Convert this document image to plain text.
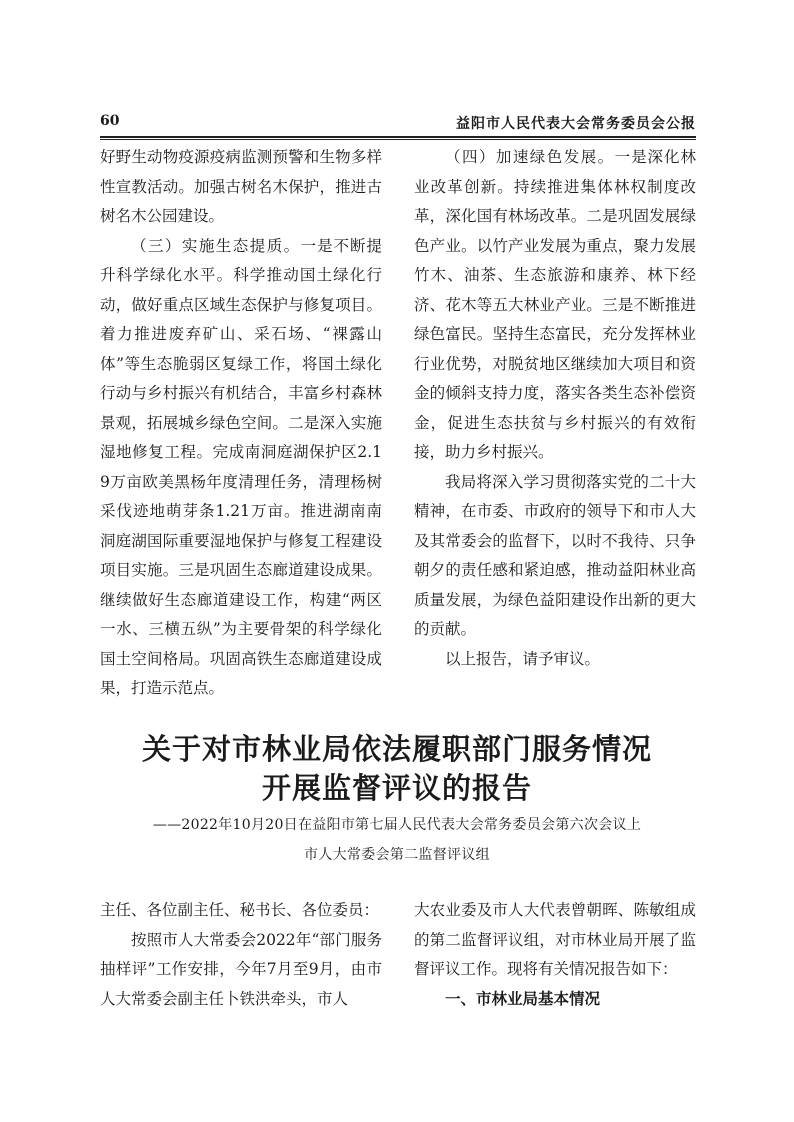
60	益阳市人民代表大会常务委员会公报

好野生动物疫源疫病监测预警和生物多样性宣教活动。加强古树名木保护，推进古树名木公园建设。

（三）实施生态提质。一是不断提升科学绿化水平。科学推动国土绿化行动，做好重点区域生态保护与修复项目。着力推进废弃矿山、采石场、“裸露山体”等生态脆弱区复绿工作，将国土绿化行动与乡村振兴有机结合，丰富乡村森林景观，拓展城乡绿色空间。二是深入实施湿地修复工程。完成南洞庭湖保护区2.19万亩欧美黑杨年度清理任务，清理杨树采伐迹地萌芽条1.21万亩。推进湖南南洞庭湖国际重要湿地保护与修复工程建设项目实施。三是巩固生态廊道建设成果。继续做好生态廊道建设工作，构建“两区一水、三横五纵”为主要骨架的科学绿化国土空间格局。巩固高铁生态廊道建设成果，打造示范点。

（四）加速绿色发展。一是深化林业改革创新。持续推进集体林权制度改革，深化国有林场改革。二是巩固发展绿色产业。以竹产业发展为重点，聚力发展竹木、油茶、生态旅游和康养、林下经济、花木等五大林业产业。三是不断推进绿色富民。坚持生态富民，充分发挥林业行业优势，对脱贫地区继续加大项目和资金的倾斜支持力度，落实各类生态补偿资金，促进生态扶贫与乡村振兴的有效衔接，助力乡村振兴。

我局将深入学习贯彻落实党的二十大精神，在市委、市政府的领导下和市人大及其常委会的监督下，以时不我待、只争朝夕的责任感和紧迫感，推动益阳林业高质量发展，为绿色益阳建设作出新的更大的贡献。

以上报告，请予审议。

关于对市林业局依法履职部门服务情况
开展监督评议的报告
——2022年10月20日在益阳市第七届人民代表大会常务委员会第六次会议上
市人大常委会第二监督评议组

主任、各位副主任、秘书长、各位委员：

按照市人大常委会2022年“部门服务抽样评”工作安排，今年7月至9月，由市人大常委会副主任卜铁洪牵头，市人

大农业委及市人大代表曾朝晖、陈敏组成的第二监督评议组，对市林业局开展了监督评议工作。现将有关情况报告如下：

一、市林业局基本情况
